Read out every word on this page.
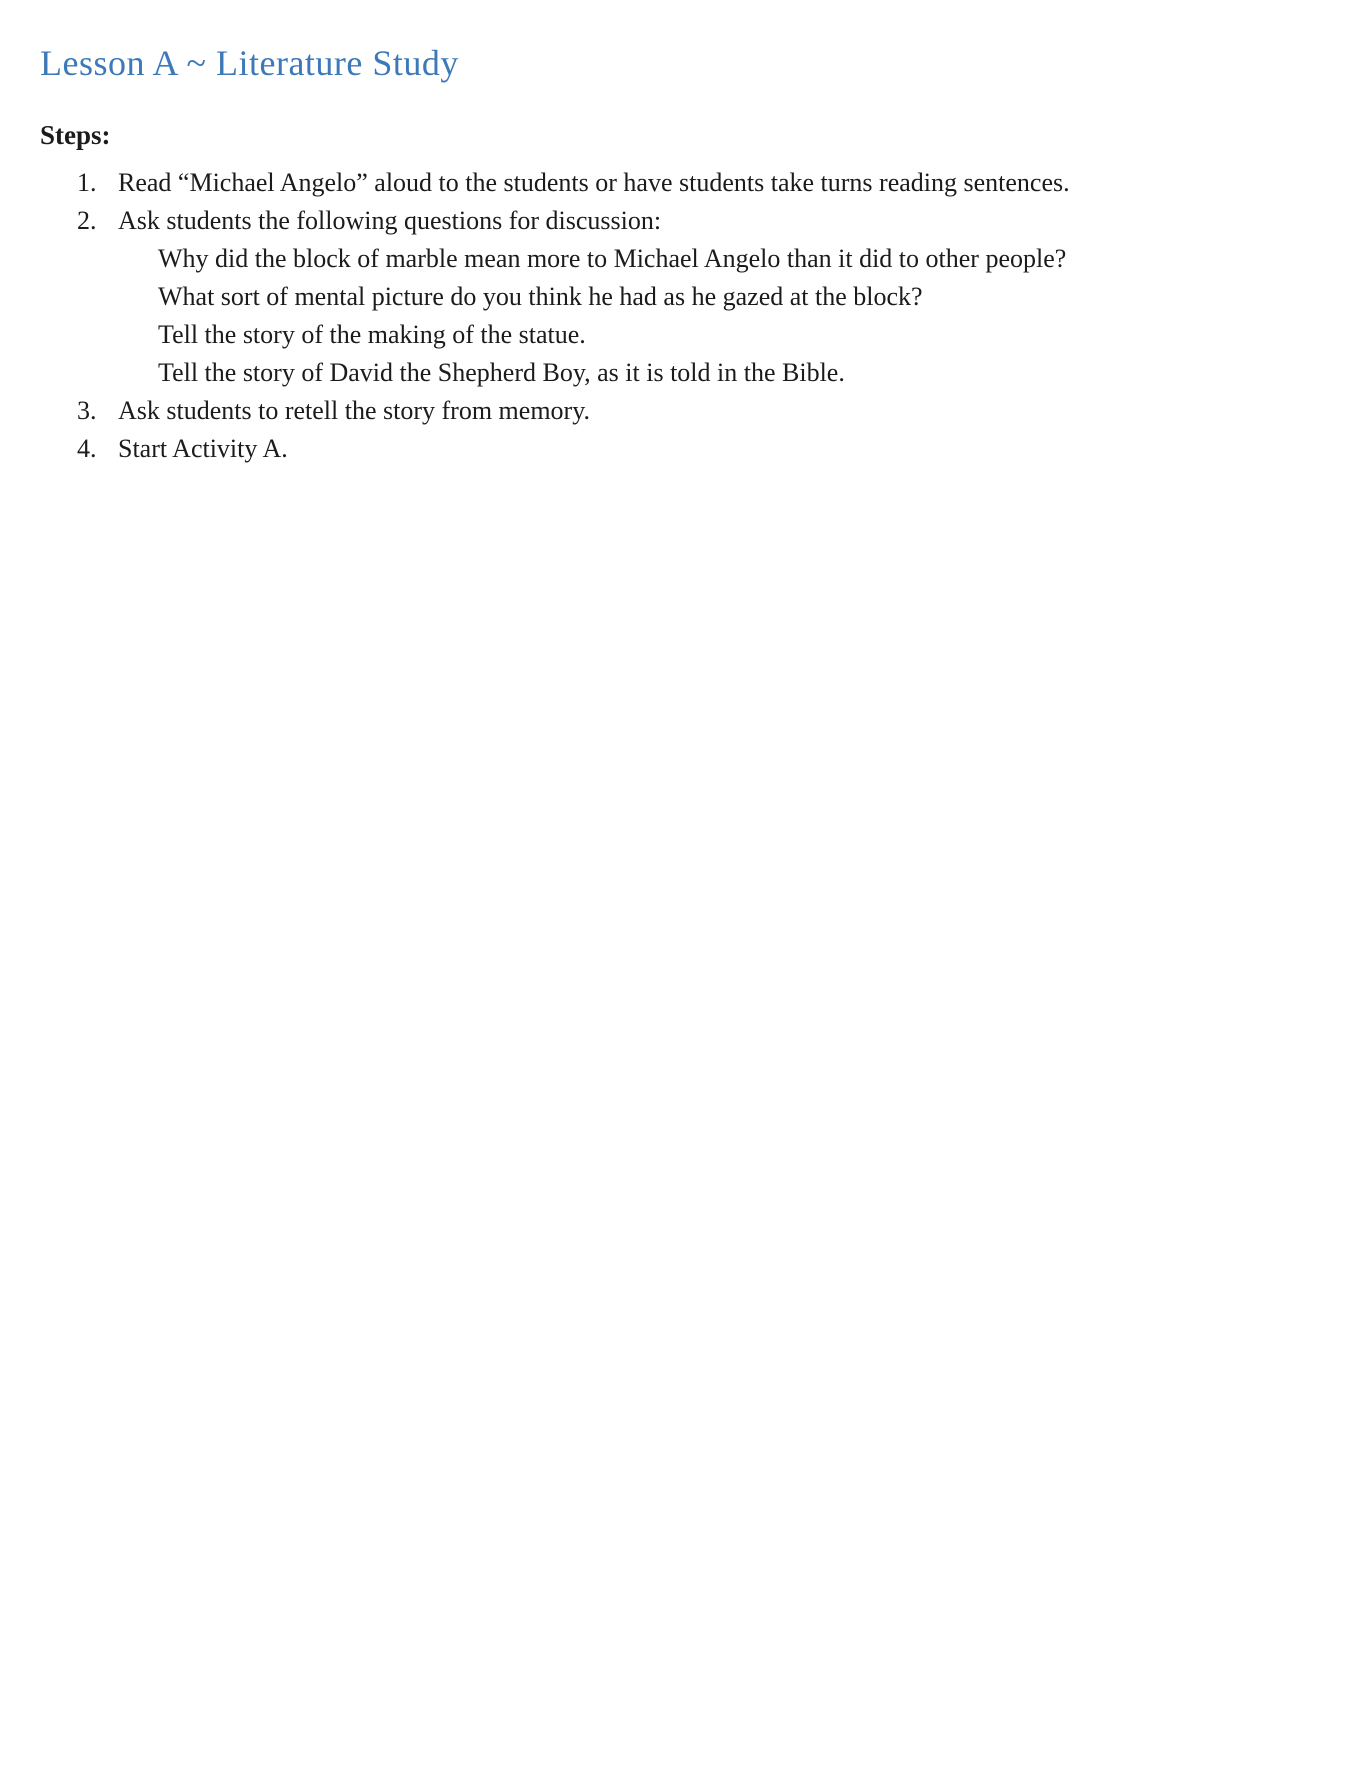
Lesson A ~ Literature Study
Steps:
1. Read “Michael Angelo” aloud to the students or have students take turns reading sentences.
2. Ask students the following questions for discussion:
Why did the block of marble mean more to Michael Angelo than it did to other people?
What sort of mental picture do you think he had as he gazed at the block?
Tell the story of the making of the statue.
Tell the story of David the Shepherd Boy, as it is told in the Bible.
3. Ask students to retell the story from memory.
4. Start Activity A.
